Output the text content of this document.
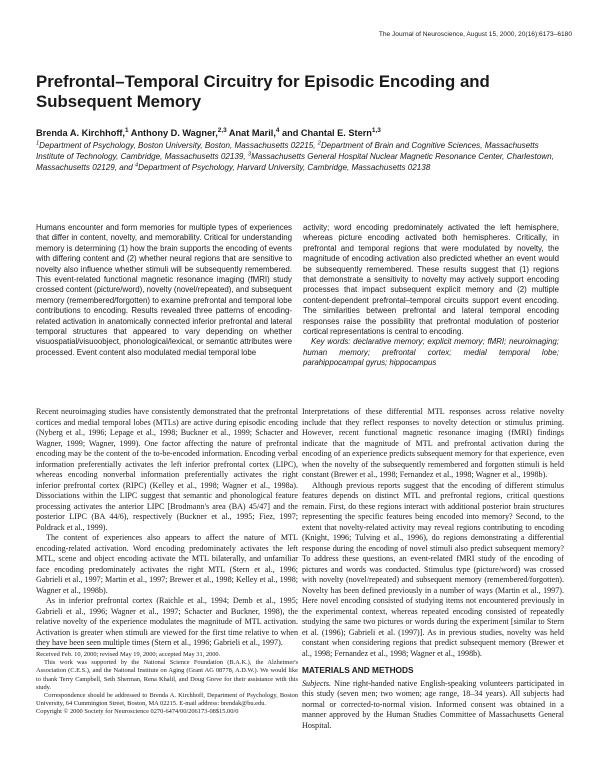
The Journal of Neuroscience, August 15, 2000, 20(16):6173–6180
Prefrontal–Temporal Circuitry for Episodic Encoding and Subsequent Memory
Brenda A. Kirchhoff,$^1$ Anthony D. Wagner,$^{2,3}$ Anat Maril,$^4$ and Chantal E. Stern$^{1,3}$
$^1$Department of Psychology, Boston University, Boston, Massachusetts 02215, $^2$Department of Brain and Cognitive Sciences, Massachusetts Institute of Technology, Cambridge, Massachusetts 02139, $^3$Massachusetts General Hospital Nuclear Magnetic Resonance Center, Charlestown, Massachusetts 02129, and $^4$Department of Psychology, Harvard University, Cambridge, Massachusetts 02138
Humans encounter and form memories for multiple types of experiences that differ in content, novelty, and memorability. Critical for understanding memory is determining (1) how the brain supports the encoding of events with differing content and (2) whether neural regions that are sensitive to novelty also influence whether stimuli will be subsequently remembered. This event-related functional magnetic resonance imaging (fMRI) study crossed content (picture/word), novelty (novel/repeated), and subsequent memory (remembered/forgotten) to examine prefrontal and temporal lobe contributions to encoding. Results revealed three patterns of encoding-related activation in anatomically connected inferior prefrontal and lateral temporal structures that appeared to vary depending on whether visuospatial/visuoobject, phonological/lexical, or semantic attributes were processed. Event content also modulated medial temporal lobe
activity; word encoding predominately activated the left hemisphere, whereas picture encoding activated both hemispheres. Critically, in prefrontal and temporal regions that were modulated by novelty, the magnitude of encoding activation also predicted whether an event would be subsequently remembered. These results suggest that (1) regions that demonstrate a sensitivity to novelty may actively support encoding processes that impact subsequent explicit memory and (2) multiple content-dependent prefrontal–temporal circuits support event encoding. The similarities between prefrontal and lateral temporal encoding responses raise the possibility that prefrontal modulation of posterior cortical representations is central to encoding.

Key words: declarative memory; explicit memory; fMRI; neuroimaging; human memory; prefrontal cortex; medial temporal lobe; parahippocampal gyrus; hippocampus

Recent neuroimaging studies have consistently demonstrated that the prefrontal cortices and medial temporal lobes (MTLs) are active during episodic encoding (Nyberg et al., 1996; Lepage et al., 1998; Buckner et al., 1999; Schacter and Wagner, 1999; Wagner, 1999). One factor affecting the nature of prefrontal encoding may be the content of the to-be-encoded information. Encoding verbal information preferentially activates the left inferior prefrontal cortex (LIPC), whereas encoding nonverbal information preferentially activates the right inferior prefrontal cortex (RIPC) (Kelley et al., 1998; Wagner et al., 1998a). Dissociations within the LIPC suggest that semantic and phonological feature processing activates the anterior LIPC [Brodmann's area (BA) 45/47] and the posterior LIPC (BA 44/6), respectively (Buckner et al., 1995; Fiez, 1997; Poldrack et al., 1999).

The content of experiences also appears to affect the nature of MTL encoding-related activation. Word encoding predominately activates the left MTL, scene and object encoding activate the MTL bilaterally, and unfamiliar face encoding predominately activates the right MTL (Stern et al., 1996; Gabrieli et al., 1997; Martin et al., 1997; Brewer et al., 1998; Kelley et al., 1998; Wagner et al., 1998b).

As in inferior prefrontal cortex (Raichle et al., 1994; Demb et al., 1995; Gabrieli et al., 1996; Wagner et al., 1997; Schacter and Buckner, 1998), the relative novelty of the experience modulates the magnitude of MTL activation. Activation is greater when stimuli are viewed for the first time relative to when they have been seen multiple times (Stern et al., 1996; Gabrieli et al., 1997).

Received Feb. 10, 2000; revised May 19, 2000; accepted May 31, 2000.

This work was supported by the National Science Foundation (B.A.K.), the Alzheimer's Association (C.E.S.), and the National Institute on Aging (Grant AG 08778, A.D.W.). We would like to thank Terry Campbell, Seth Sherman, Rena Khalil, and Doug Greve for their assistance with this study.

Correspondence should be addressed to Brenda A. Kirchhoff, Department of Psychology, Boston University, 64 Cummington Street, Boston, MA 02215. E-mail address: brendak@bu.edu.

Copyright © 2000 Society for Neuroscience 0270-6474/00/206173-08$15.00/0

Interpretations of these differential MTL responses across relative novelty include that they reflect responses to novelty detection or stimulus priming. However, recent functional magnetic resonance imaging (fMRI) findings indicate that the magnitude of MTL and prefrontal activation during the encoding of an experience predicts subsequent memory for that experience, even when the novelty of the subsequently remembered and forgotten stimuli is held constant (Brewer et al., 1998; Fernandez et al., 1998; Wagner et al., 1998b).

Although previous reports suggest that the encoding of different stimulus features depends on distinct MTL and prefrontal regions, critical questions remain. First, do these regions interact with additional posterior brain structures representing the specific features being encoded into memory? Second, to the extent that novelty-related activity may reveal regions contributing to encoding (Knight, 1996; Tulving et al., 1996), do regions demonstrating a differential response during the encoding of novel stimuli also predict subsequent memory? To address these questions, an event-related fMRI study of the encoding of pictures and words was conducted. Stimulus type (picture/word) was crossed with novelty (novel/repeated) and subsequent memory (remembered/forgotten). Novelty has been defined previously in a number of ways (Martin et al., 1997). Here novel encoding consisted of studying items not encountered previously in the experimental context, whereas repeated encoding consisted of repeatedly studying the same two pictures or words during the experiment [similar to Stern et al. (1996); Gabrieli et al. (1997)]. As in previous studies, novelty was held constant when considering regions that predict subsequent memory (Brewer et al., 1998; Fernandez et al., 1998; Wagner et al., 1998b).

MATERIALS AND METHODS

Subjects. Nine right-handed native English-speaking volunteers participated in this study (seven men; two women; age range, 18–34 years). All subjects had normal or corrected-to-normal vision. Informed consent was obtained in a manner approved by the Human Studies Committee of Massachusetts General Hospital.
